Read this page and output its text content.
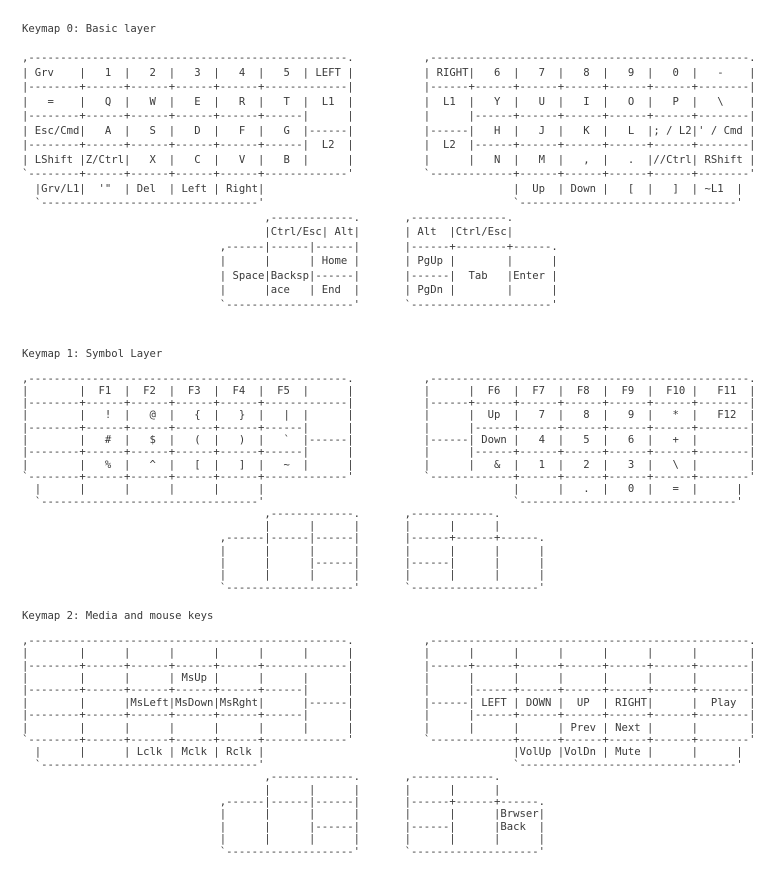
Keymap 0: Basic layer
,--------------------------------------------------.           ,--------------------------------------------------.
| Grv    |   1  |   2  |   3  |   4  |   5  | LEFT |           | RIGHT|   6  |   7  |   8  |   9  |   0  |   -    |
|--------+------+------+------+------+-------------|           |------+------+------+------+------+------+--------|
|   =    |   Q  |   W  |   E  |   R  |   T  |  L1  |           |  L1  |   Y  |   U  |   I  |   O  |   P  |   \    |
|--------+------+------+------+------+------|      |           |      |------+------+------+------+------+--------|
| Esc/Cmd|   A  |   S  |   D  |   F  |   G  |------|           |------|   H  |   J  |   K  |   L  |; / L2|' / Cmd |
|--------+------+------+------+------+------|  L2  |           |  L2  |------+------+------+------+------+--------|
| LShift |Z/Ctrl|   X  |   C  |   V  |   B  |      |           |      |   N  |   M  |   ,  |   .  |//Ctrl| RShift |
`--------+------+------+------+------+-------------'           `-------------+------+------+------+------+--------'
|Grv/L1|  '"  | Del  | Left | Right|                                       |  Up  | Down |   [  |   ]  | ~L1  |
`----------------------------------'                                       `----------------------------------'
,-------------.       ,---------------.
|Ctrl/Esc| Alt|       | Alt  |Ctrl/Esc|
,------|------|------|       |------+--------+------.
|      |      | Home |       | PgUp |        |      |
| Space|Backsp|------|       |------|  Tab   |Enter |
|      |ace   | End  |       | PgDn |        |      |
`--------------------'       `----------------------'
Keymap 1: Symbol Layer
,--------------------------------------------------.           ,--------------------------------------------------.
|        |  F1  |  F2  |  F3  |  F4  |  F5  |      |           |      |  F6  |  F7  |  F8  |  F9  |  F10 |   F11  |
|--------+------+------+------+------+-------------|           |------+------+------+------+------+------+--------|
|        |   !  |   @  |   {  |   }  |   |  |      |           |      |  Up  |   7  |   8  |   9  |   *  |   F12  |
|--------+------+------+------+------+------|      |           |      |------+------+------+------+------+--------|
|        |   #  |   $  |   (  |   )  |   `  |------|           |------| Down |   4  |   5  |   6  |   +  |        |
|--------+------+------+------+------+------|      |           |      |------+------+------+------+------+--------|
|        |   %  |   ^  |   [  |   ]  |   ~  |      |           |      |   &  |   1  |   2  |   3  |   \  |        |
`--------+------+------+------+------+-------------'           `-------------+------+------+------+------+--------'
|      |      |      |      |      |                                       |      |   .  |   0  |   =  |      |
`----------------------------------'                                       `----------------------------------'
,-------------.       ,-------------.
|      |      |       |      |      |
,------|------|------|       |------+------+------.
|      |      |      |       |      |      |      |
|      |      |------|       |------|      |      |
|      |      |      |       |      |      |      |
`--------------------'       `--------------------'
Keymap 2: Media and mouse keys
,--------------------------------------------------.           ,--------------------------------------------------.
|        |      |      |      |      |      |      |           |      |      |      |      |      |      |        |
|--------+------+------+------+------+-------------|           |------+------+------+------+------+------+--------|
|        |      |      | MsUp |      |      |      |           |      |      |      |      |      |      |        |
|--------+------+------+------+------+------|      |           |      |------+------+------+------+------+--------|
|        |      |MsLeft|MsDown|MsRght|      |------|           |------| LEFT | DOWN |  UP  | RIGHT|      |  Play  |
|--------+------+------+------+------+------|      |           |      |------+------+------+------+------+--------|
|        |      |      |      |      |      |      |           |      |      |      | Prev | Next |      |        |
`--------+------+------+------+------+-------------'           `-------------+------+------+------+------+--------'
|      |      | Lclk | Mclk | Rclk |                                       |VolUp |VolDn | Mute |      |      |
`----------------------------------'                                       `----------------------------------'
,-------------.       ,-------------.
|      |      |       |      |      |
,------|------|------|       |------+------+------.
|      |      |      |       |      |      |Brwser|
|      |      |------|       |------|      |Back  |
|      |      |      |       |      |      |      |
`--------------------'       `--------------------'
